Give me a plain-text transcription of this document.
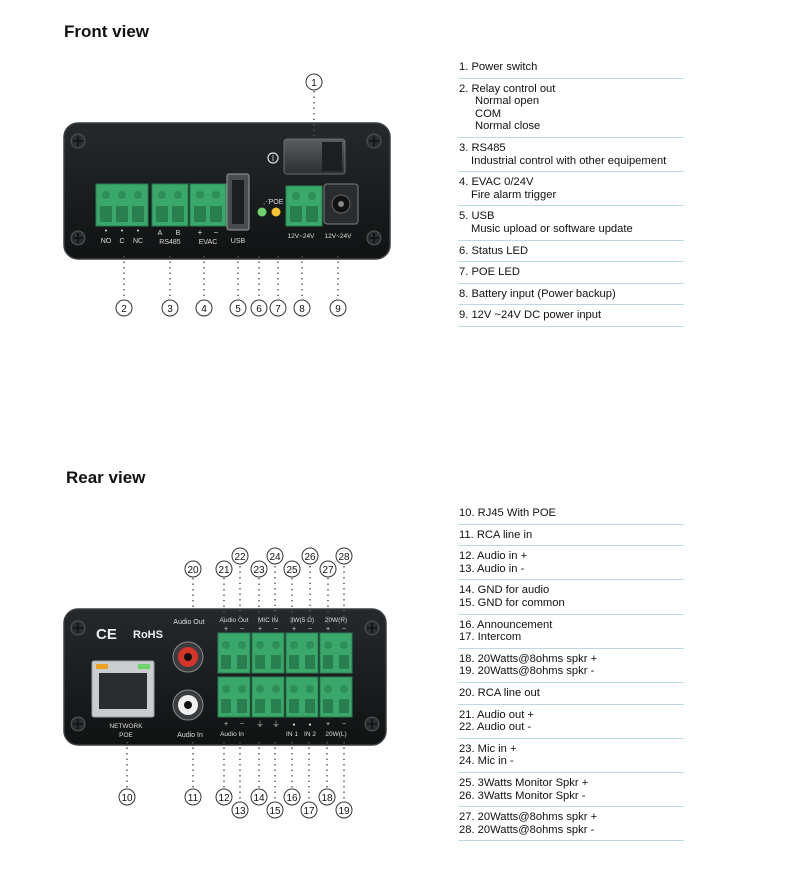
Front view
Rear view
I
⋰
• • •
NO C NC
A B
RS485
+ −
EVAC USB
POE
12V~24V 12V~24V
CE RoHS
NETWORK
POE
Audio Out
Audio In
Audio Out MIC IN 3W(5 Ω) 20W(R)
+ − + − + − + −
+ − ⏚ ⏚ ●	● + −
Audio In	IN 1 IN 2 20W(L)
1
2	3	4	5 6 7 8	9
10	11 12
13
14
15
16
17
18
19
20 21
22
23
24
25
26
27
28
1. Power switch
2. Relay control out
Normal open
COM
Normal close
3. RS485
Industrial control with other equipement
4. EVAC 0/24V
Fire alarm trigger
5. USB
Music upload or software update
6. Status LED
7. POE LED
8. Battery input (Power backup)
9. 12V ~24V DC power input
10. RJ45 With POE
11. RCA line in
12. Audio in +
13. Audio in -
14. GND for audio
15. GND for common
16. Announcement
17. Intercom
18. 20Watts@8ohms spkr +
19. 20Watts@8ohms spkr -
20. RCA line out
21. Audio out +
22. Audio out -
23. Mic in +
24. Mic in -
25. 3Watts Monitor Spkr +
26. 3Watts Monitor Spkr -
27. 20Watts@8ohms spkr +
28. 20Watts@8ohms spkr -
